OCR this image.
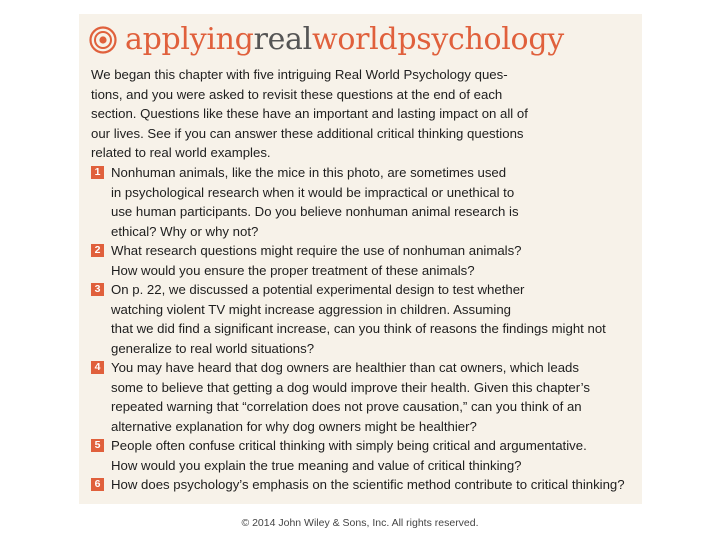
applyingrealworldpsychology

We began this chapter with five intriguing Real World Psychology ques-
tions, and you were asked to revisit these questions at the end of each
section. Questions like these have an important and lasting impact on all of
our lives. See if you can answer these additional critical thinking questions
related to real world examples.

1 Nonhuman animals, like the mice in this photo, are sometimes used
in psychological research when it would be impractical or unethical to
use human participants. Do you believe nonhuman animal research is
ethical? Why or why not?
2 What research questions might require the use of nonhuman animals?
How would you ensure the proper treatment of these animals?
3 On p. 22, we discussed a potential experimental design to test whether
watching violent TV might increase aggression in children. Assuming
that we did find a significant increase, can you think of reasons the findings might not
generalize to real world situations?
4 You may have heard that dog owners are healthier than cat owners, which leads
some to believe that getting a dog would improve their health. Given this chapter’s
repeated warning that “correlation does not prove causation,” can you think of an
alternative explanation for why dog owners might be healthier?
5 People often confuse critical thinking with simply being critical and argumentative.
How would you explain the true meaning and value of critical thinking?
6 How does psychology’s emphasis on the scientific method contribute to critical thinking?
© 2014 John Wiley & Sons, Inc. All rights reserved.
